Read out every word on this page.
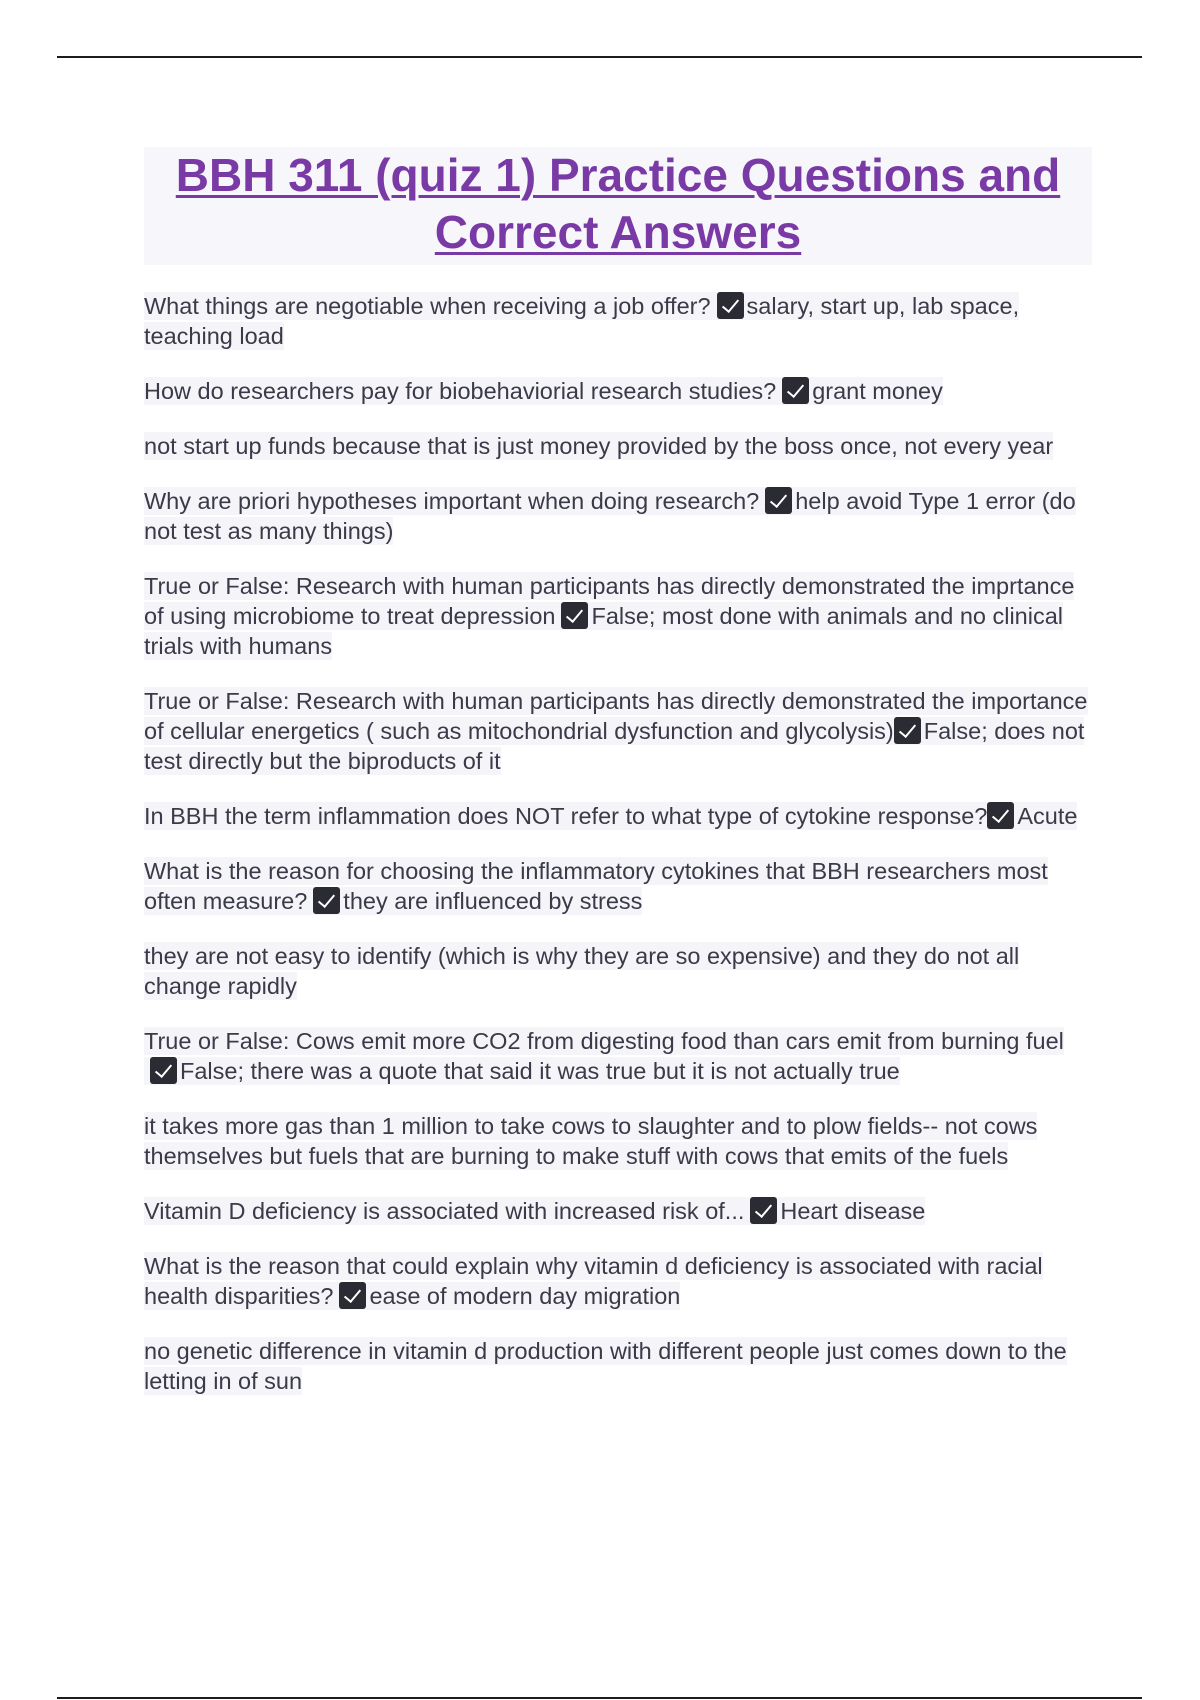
BBH 311 (quiz 1) Practice Questions and Correct Answers

What things are negotiable when receiving a job offer? salary, start up, lab space, teaching load

How do researchers pay for biobehaviorial research studies? grant money

not start up funds because that is just money provided by the boss once, not every year

Why are priori hypotheses important when doing research? help avoid Type 1 error (do not test as many things)

True or False: Research with human participants has directly demonstrated the imprtance of using microbiome to treat depression False; most done with animals and no clinical trials with humans

True or False: Research with human participants has directly demonstrated the importance of cellular energetics ( such as mitochondrial dysfunction and glycolysis) False; does not test directly but the biproducts of it

In BBH the term inflammation does NOT refer to what type of cytokine response? Acute

What is the reason for choosing the inflammatory cytokines that BBH researchers most often measure? they are influenced by stress

they are not easy to identify (which is why they are so expensive) and they do not all change rapidly

True or False: Cows emit more CO2 from digesting food than cars emit from burning fuelFalse; there was a quote that said it was true but it is not actually true

it takes more gas than 1 million to take cows to slaughter and to plow fields-- not cows themselves but fuels that are burning to make stuff with cows that emits of the fuels

Vitamin D deficiency is associated with increased risk of... Heart disease

What is the reason that could explain why vitamin d deficiency is associated with racial health disparities? ease of modern day migration

no genetic difference in vitamin d production with different people just comes down to the letting in of sun
